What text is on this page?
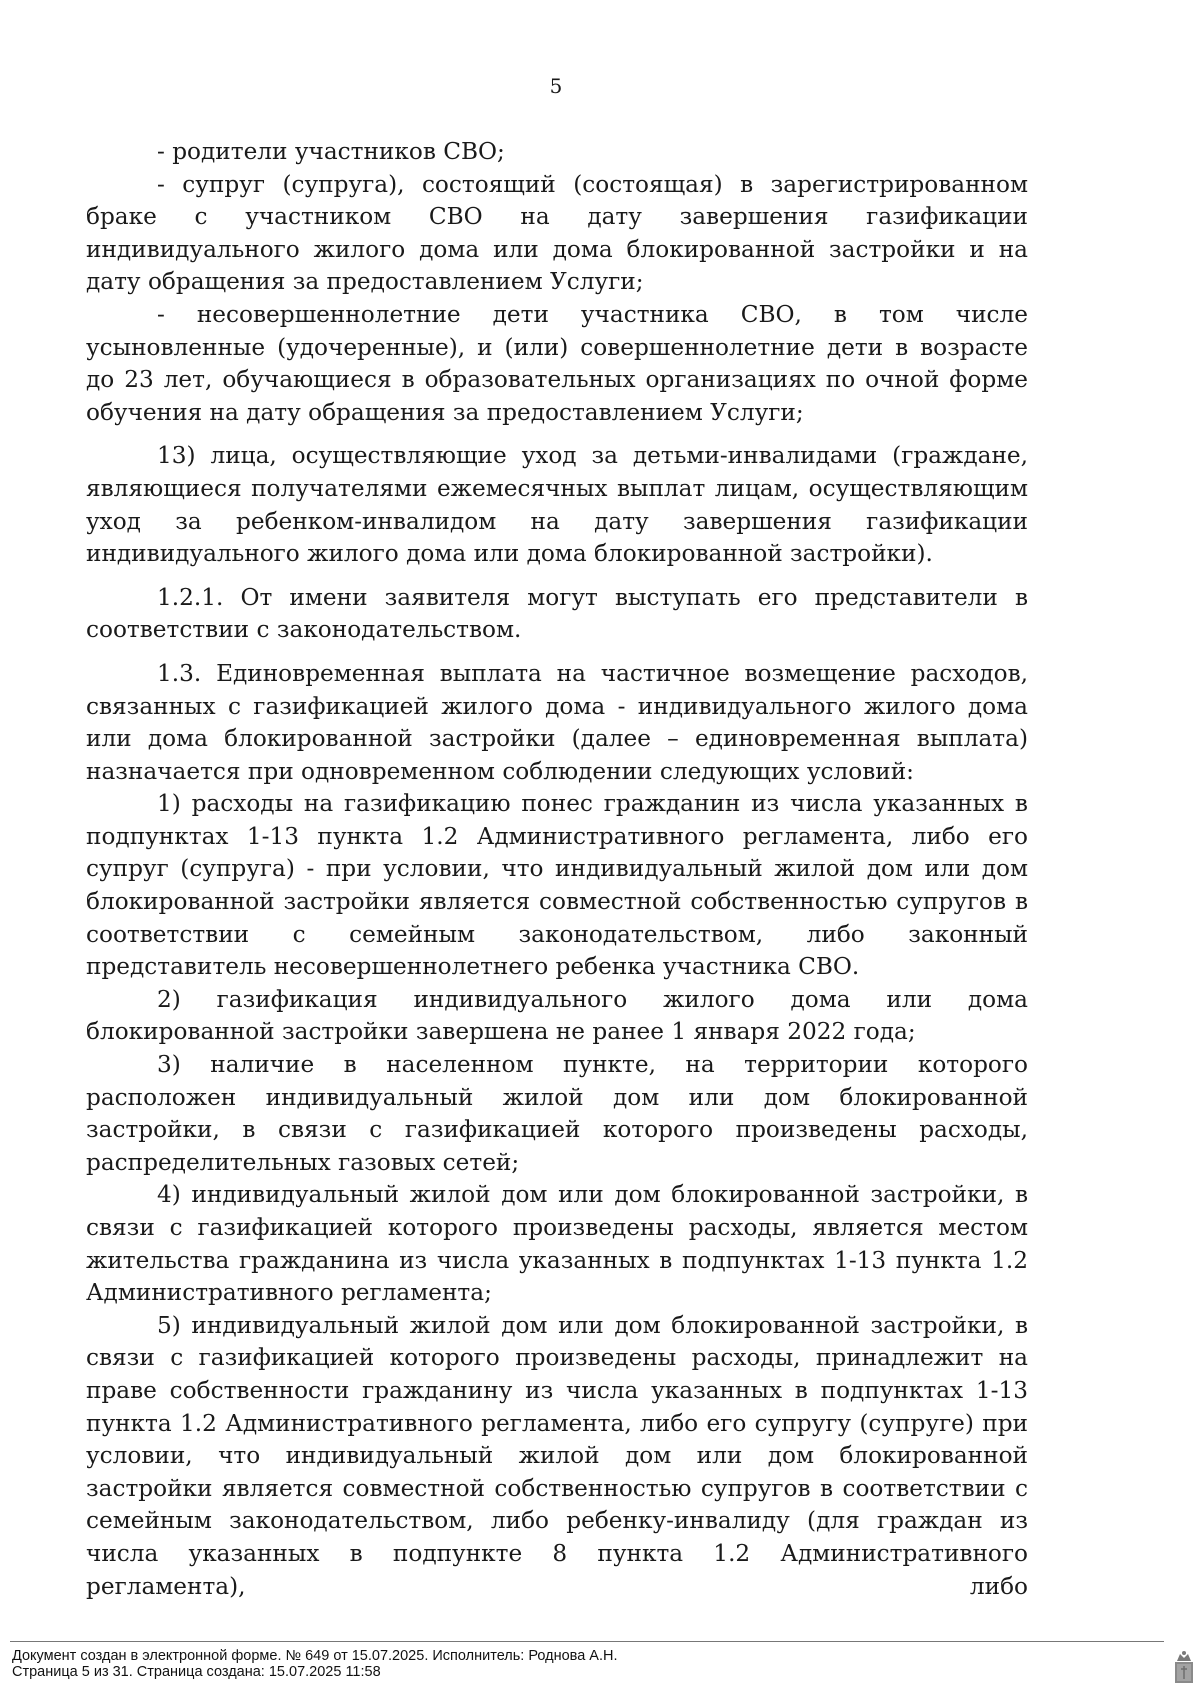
5

- родители участников СВО;

- супруг (супруга), состоящий (состоящая) в зарегистрированном браке с участником СВО на дату завершения газификации индивидуального жилого дома или дома блокированной застройки и на дату обращения за предоставлением Услуги;

- несовершеннолетние дети участника СВО, в том числе усыновленные (удочеренные), и (или) совершеннолетние дети в возрасте до 23 лет, обучающиеся в образовательных организациях по очной форме обучения на дату обращения за предоставлением Услуги;

13) лица, осуществляющие уход за детьми-инвалидами (граждане, являющиеся получателями ежемесячных выплат лицам, осуществляющим уход за ребенком-инвалидом на дату завершения газификации индивидуального жилого дома или дома блокированной застройки).

1.2.1. От имени заявителя могут выступать его представители в соответствии с законодательством.

1.3. Единовременная выплата на частичное возмещение расходов, связанных с газификацией жилого дома - индивидуального жилого дома или дома блокированной застройки (далее – единовременная выплата) назначается при одновременном соблюдении следующих условий:

1) расходы на газификацию понес гражданин из числа указанных в подпунктах 1-13 пункта 1.2 Административного регламента, либо его супруг (супруга) - при условии, что индивидуальный жилой дом или дом блокированной застройки является совместной собственностью супругов в соответствии с семейным законодательством, либо законный представитель несовершеннолетнего ребенка участника СВО.

2) газификация индивидуального жилого дома или дома блокированной застройки завершена не ранее 1 января 2022 года;

3) наличие в населенном пункте, на территории которого расположен индивидуальный жилой дом или дом блокированной застройки, в связи с газификацией которого произведены расходы, распределительных газовых сетей;

4) индивидуальный жилой дом или дом блокированной застройки, в связи с газификацией которого произведены расходы, является местом жительства гражданина из числа указанных в подпунктах 1-13 пункта 1.2 Административного регламента;

5) индивидуальный жилой дом или дом блокированной застройки, в связи с газификацией которого произведены расходы, принадлежит на праве собственности гражданину из числа указанных в подпунктах 1-13 пункта 1.2 Административного регламента, либо его супругу (супруге) при условии, что индивидуальный жилой дом или дом блокированной застройки является совместной собственностью супругов в соответствии с семейным законодательством, либо ребенку-инвалиду (для граждан из числа указанных в подпункте 8 пункта 1.2 Административного регламента), либо

Документ создан в электронной форме. № 649 от 15.07.2025. Исполнитель: Роднова А.Н.
Страница 5 из 31. Страница создана: 15.07.2025 11:58
